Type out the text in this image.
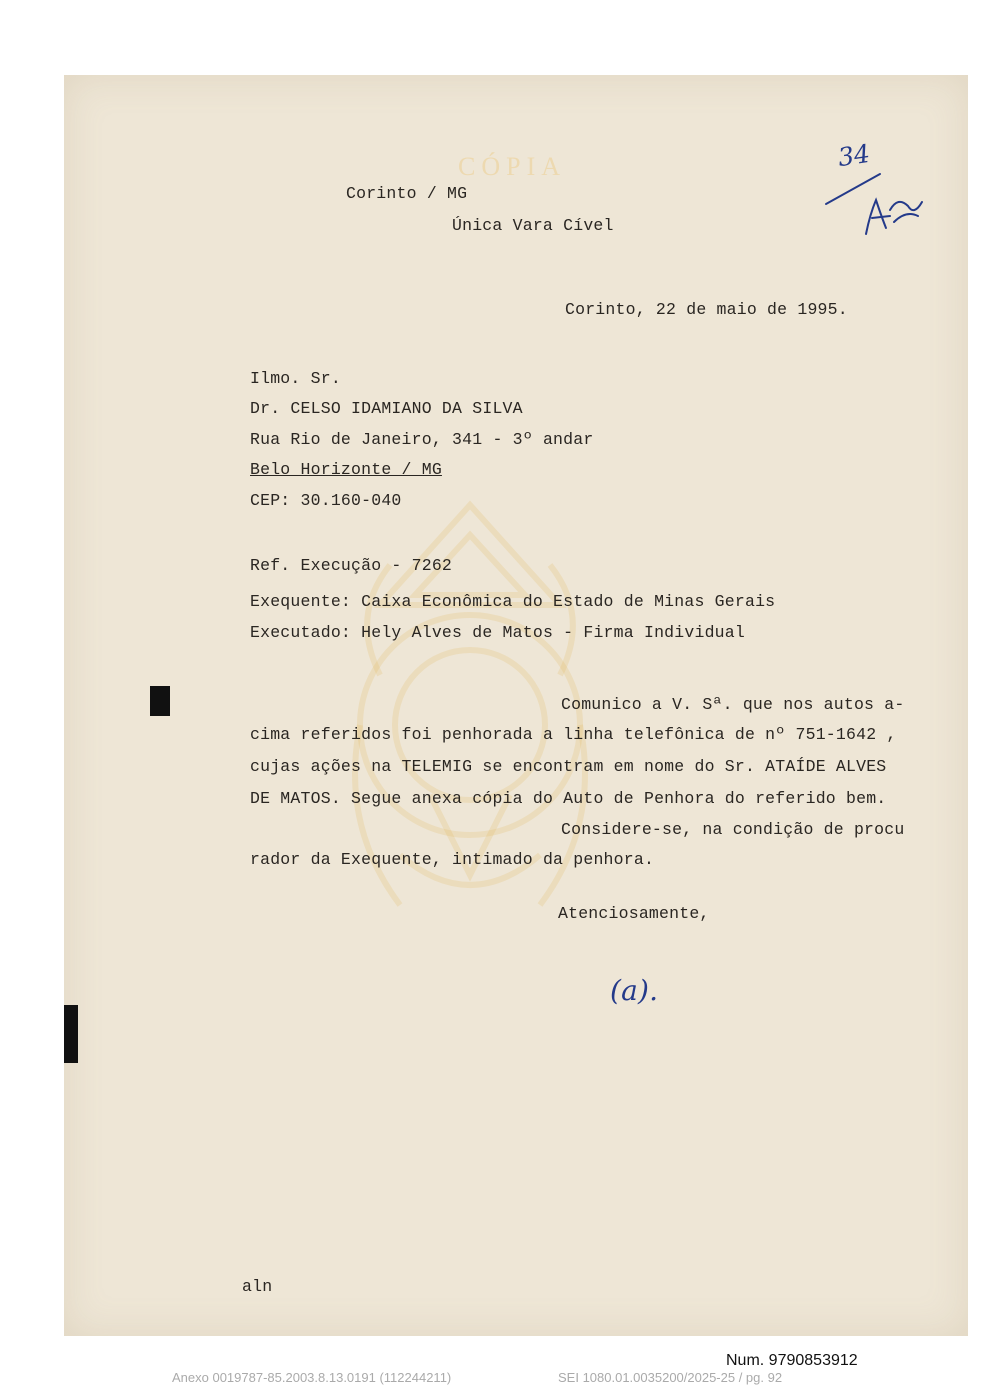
CÓPIA
Corinto / MG
Única Vara Cível
34
Corinto, 22 de maio de 1995.
Ilmo. Sr.
Dr. CELSO IDAMIANO DA SILVA
Rua Rio de Janeiro, 341 - 3º andar
Belo Horizonte / MG
CEP: 30.160-040
Ref. Execução - 7262
Exequente: Caixa Econômica do Estado de Minas Gerais
Executado: Hely Alves de Matos - Firma Individual
Comunico a V. Sª. que nos autos a-
cima referidos foi penhorada a linha telefônica de nº 751-1642 ,
cujas ações na TELEMIG se encontram em nome do Sr. ATAÍDE ALVES
DE MATOS. Segue anexa cópia do Auto de Penhora do referido bem.
Considere-se, na condição de procu
rador da Exequente, intimado da penhora.
Atenciosamente,
(a).
aln
Num. 9790853912
Anexo 0019787-85.2003.8.13.0191 (112244211)	SEI 1080.01.0035200/2025-25 / pg. 92
